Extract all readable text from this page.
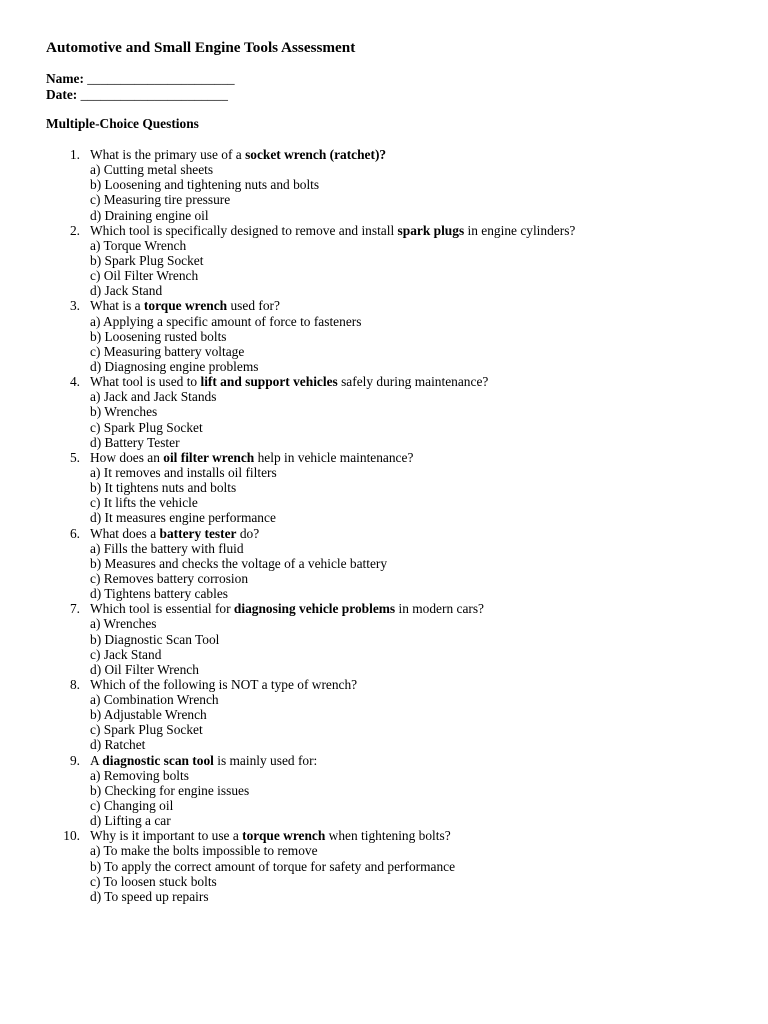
Automotive and Small Engine Tools Assessment
Name: ______________________
Date: ______________________
Multiple-Choice Questions
1. What is the primary use of a socket wrench (ratchet)?
a) Cutting metal sheets
b) Loosening and tightening nuts and bolts
c) Measuring tire pressure
d) Draining engine oil
2. Which tool is specifically designed to remove and install spark plugs in engine cylinders?
a) Torque Wrench
b) Spark Plug Socket
c) Oil Filter Wrench
d) Jack Stand
3. What is a torque wrench used for?
a) Applying a specific amount of force to fasteners
b) Loosening rusted bolts
c) Measuring battery voltage
d) Diagnosing engine problems
4. What tool is used to lift and support vehicles safely during maintenance?
a) Jack and Jack Stands
b) Wrenches
c) Spark Plug Socket
d) Battery Tester
5. How does an oil filter wrench help in vehicle maintenance?
a) It removes and installs oil filters
b) It tightens nuts and bolts
c) It lifts the vehicle
d) It measures engine performance
6. What does a battery tester do?
a) Fills the battery with fluid
b) Measures and checks the voltage of a vehicle battery
c) Removes battery corrosion
d) Tightens battery cables
7. Which tool is essential for diagnosing vehicle problems in modern cars?
a) Wrenches
b) Diagnostic Scan Tool
c) Jack Stand
d) Oil Filter Wrench
8. Which of the following is NOT a type of wrench?
a) Combination Wrench
b) Adjustable Wrench
c) Spark Plug Socket
d) Ratchet
9. A diagnostic scan tool is mainly used for:
a) Removing bolts
b) Checking for engine issues
c) Changing oil
d) Lifting a car
10. Why is it important to use a torque wrench when tightening bolts?
a) To make the bolts impossible to remove
b) To apply the correct amount of torque for safety and performance
c) To loosen stuck bolts
d) To speed up repairs
